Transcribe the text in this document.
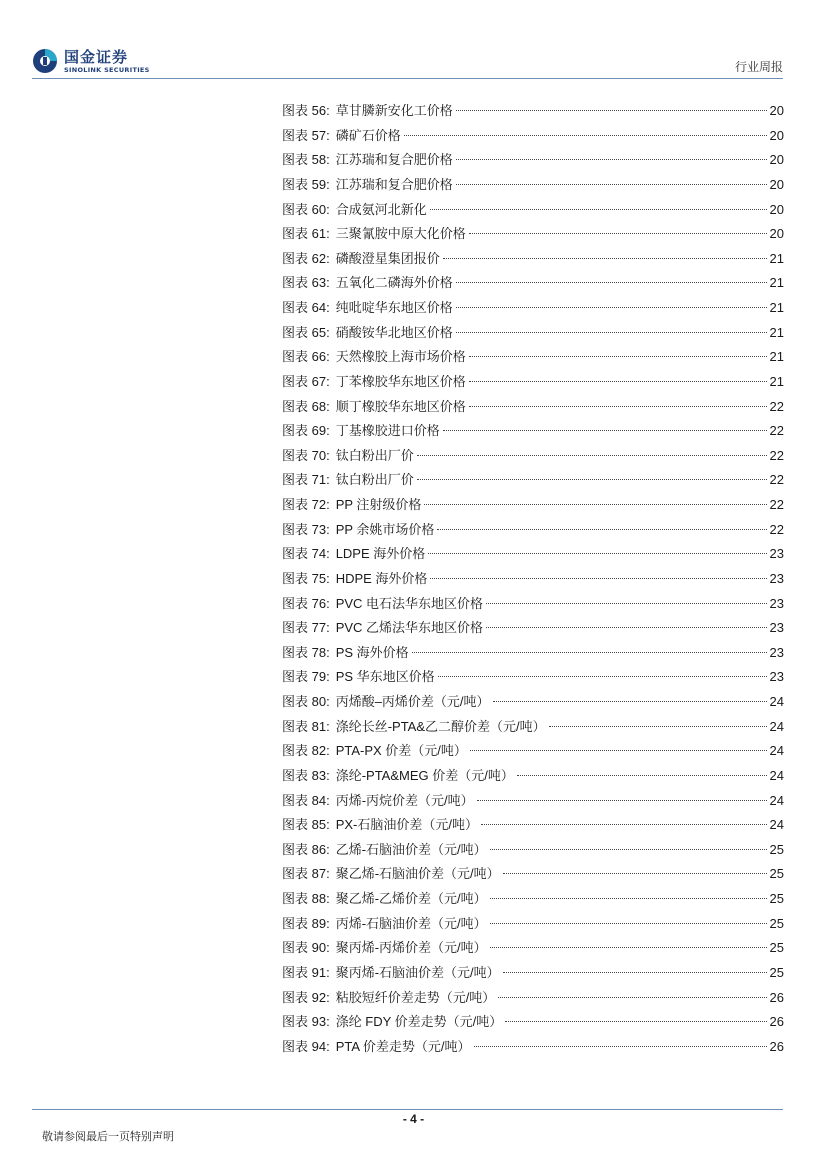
国金证券
SINOLINK SECURITIES	行业周报
图表 56: 草甘膦新安化工价格	20
图表 57: 磷矿石价格	20
图表 58: 江苏瑞和复合肥价格	20
图表 59: 江苏瑞和复合肥价格	20
图表 60: 合成氨河北新化	20
图表 61: 三聚氰胺中原大化价格	20
图表 62: 磷酸澄星集团报价	21
图表 63: 五氧化二磷海外价格	21
图表 64: 纯吡啶华东地区价格	21
图表 65: 硝酸铵华北地区价格	21
图表 66: 天然橡胶上海市场价格	21
图表 67: 丁苯橡胶华东地区价格	21
图表 68: 顺丁橡胶华东地区价格	22
图表 69: 丁基橡胶进口价格	22
图表 70: 钛白粉出厂价	22
图表 71: 钛白粉出厂价	22
图表 72: PP 注射级价格	22
图表 73: PP 余姚市场价格	22
图表 74: LDPE 海外价格	23
图表 75: HDPE 海外价格	23
图表 76: PVC 电石法华东地区价格	23
图表 77: PVC 乙烯法华东地区价格	23
图表 78: PS 海外价格	23
图表 79: PS 华东地区价格	23
图表 80: 丙烯酸–丙烯价差（元/吨）	24
图表 81: 涤纶长丝-PTA&乙二醇价差（元/吨）	24
图表 82: PTA-PX 价差（元/吨）	24
图表 83: 涤纶-PTA&MEG 价差（元/吨）	24
图表 84: 丙烯-丙烷价差（元/吨）	24
图表 85: PX-石脑油价差（元/吨）	24
图表 86: 乙烯-石脑油价差（元/吨）	25
图表 87: 聚乙烯-石脑油价差（元/吨）	25
图表 88: 聚乙烯-乙烯价差（元/吨）	25
图表 89: 丙烯-石脑油价差（元/吨）	25
图表 90: 聚丙烯-丙烯价差（元/吨）	25
图表 91: 聚丙烯-石脑油价差（元/吨）	25
图表 92: 粘胶短纤价差走势（元/吨）	26
图表 93: 涤纶 FDY 价差走势（元/吨）	26
图表 94: PTA 价差走势（元/吨）	26
- 4 -
敬请参阅最后一页特别声明
